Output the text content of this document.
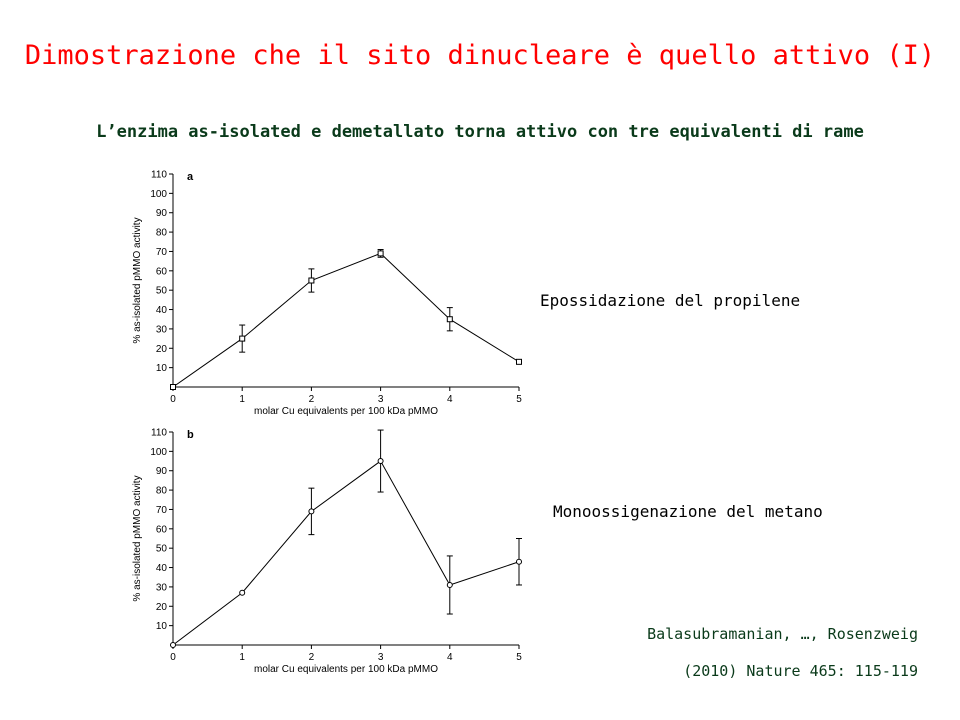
Dimostrazione che il sito dinucleare è quello attivo (I)
L’enzima as-isolated e demetallato torna attivo con tre equivalenti di rame
10
20
30
40
50
60
70
80
90
100
110
0	1	2	3	4	5
molar Cu equivalents per 100 kDa pMMO
% as-isolated pMMO activity
a
10
20
30
40
50
60
70
80
90
100
110
0	1	2	3	4	5
molar Cu equivalents per 100 kDa pMMO
% as-isolated pMMO activity
b
Epossidazione del propilene
Monoossigenazione del metano
Balasubramanian, …, Rosenzweig
(2010) Nature 465: 115-119
